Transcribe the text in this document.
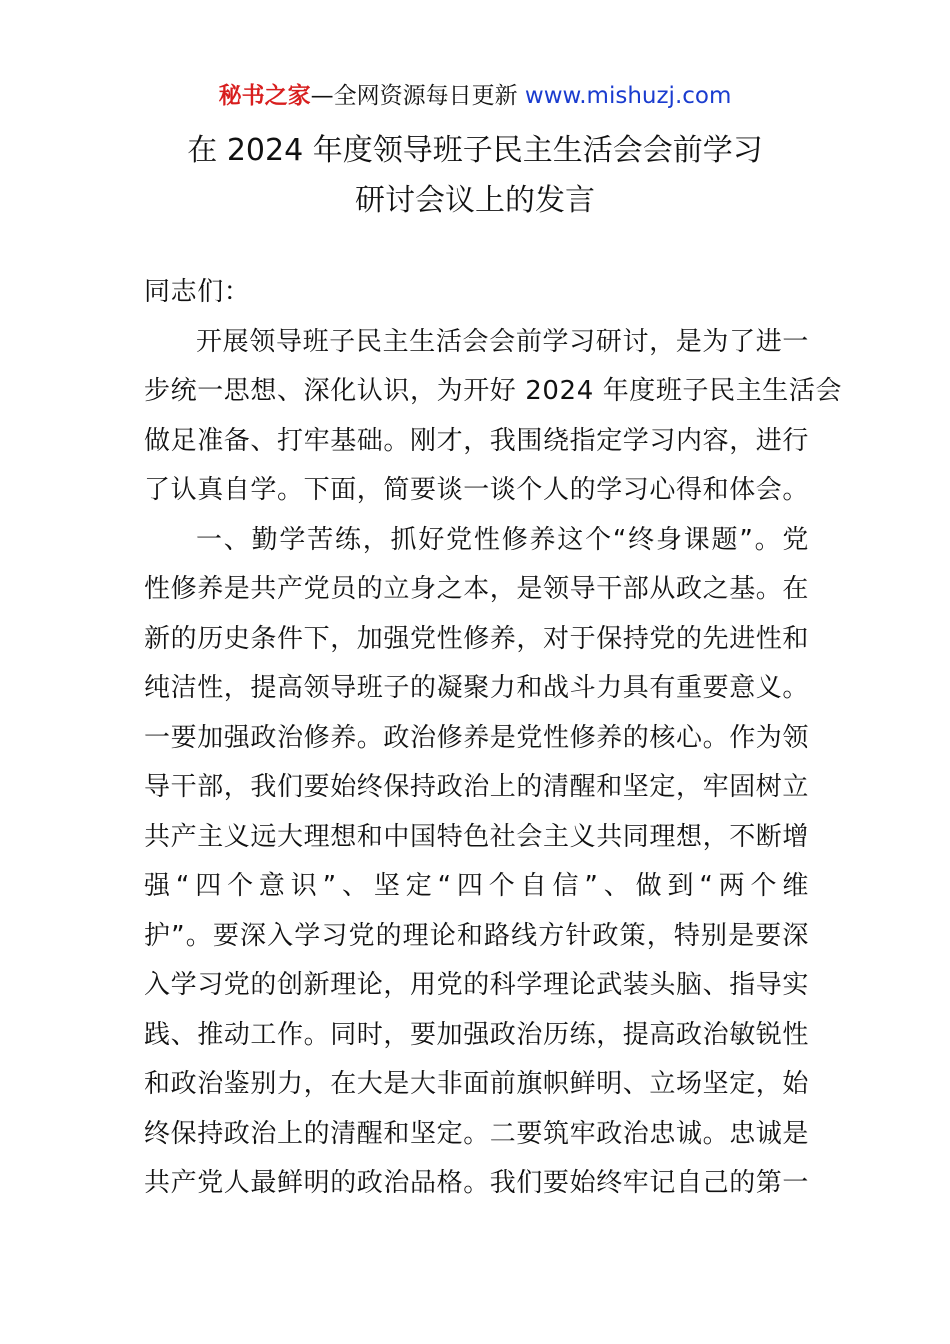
秘书之家—全网资源每日更新 www.mishuzj.com
在 2024 年度领导班子民主生活会会前学习
研讨会议上的发言
同志们：
开展领导班子民主生活会会前学习研讨，是为了进一
步统一思想、深化认识，为开好 2024 年度班子民主生活会
做足准备、打牢基础。刚才，我围绕指定学习内容，进行
了认真自学。下面，简要谈一谈个人的学习心得和体会。
一、勤学苦练，抓好党性修养这个“终身课题”。党
性修养是共产党员的立身之本，是领导干部从政之基。在
新的历史条件下，加强党性修养，对于保持党的先进性和
纯洁性，提高领导班子的凝聚力和战斗力具有重要意义。
一要加强政治修养。政治修养是党性修养的核心。作为领
导干部，我们要始终保持政治上的清醒和坚定，牢固树立
共产主义远大理想和中国特色社会主义共同理想，不断增
强“四个意识”、坚定“四个自信”、做到“两个维
护”。要深入学习党的理论和路线方针政策，特别是要深
入学习党的创新理论，用党的科学理论武装头脑、指导实
践、推动工作。同时，要加强政治历练，提高政治敏锐性
和政治鉴别力，在大是大非面前旗帜鲜明、立场坚定，始
终保持政治上的清醒和坚定。二要筑牢政治忠诚。忠诚是
共产党人最鲜明的政治品格。我们要始终牢记自己的第一
